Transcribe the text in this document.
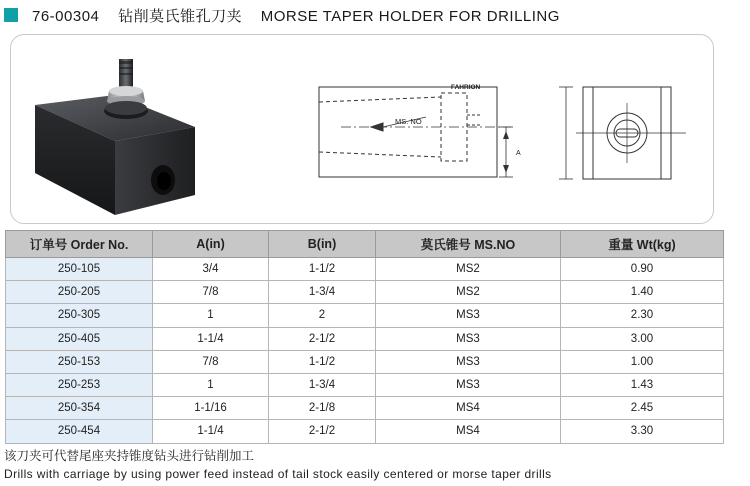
76-00304 钻削莫氏锥孔刀夹 MORSE TAPER HOLDER FOR DRILLING
FAHRION
MS. NO
A
订单号 Order No.	A(in)	B(in)	莫氏锥号 MS.NO	重量 Wt(kg)
250-105	3/4	1-1/2	MS2	0.90
250-205	7/8	1-3/4	MS2	1.40
250-305	1	2	MS3	2.30
250-405	1-1/4	2-1/2	MS3	3.00
250-153	7/8	1-1/2	MS3	1.00
250-253	1	1-3/4	MS3	1.43
250-354	1-1/16	2-1/8	MS4	2.45
250-454	1-1/4	2-1/2	MS4	3.30
该刀夹可代替尾座夹持锥度钻头进行钻削加工
Drills with carriage by using power feed instead of tail stock easily centered or morse taper drills
